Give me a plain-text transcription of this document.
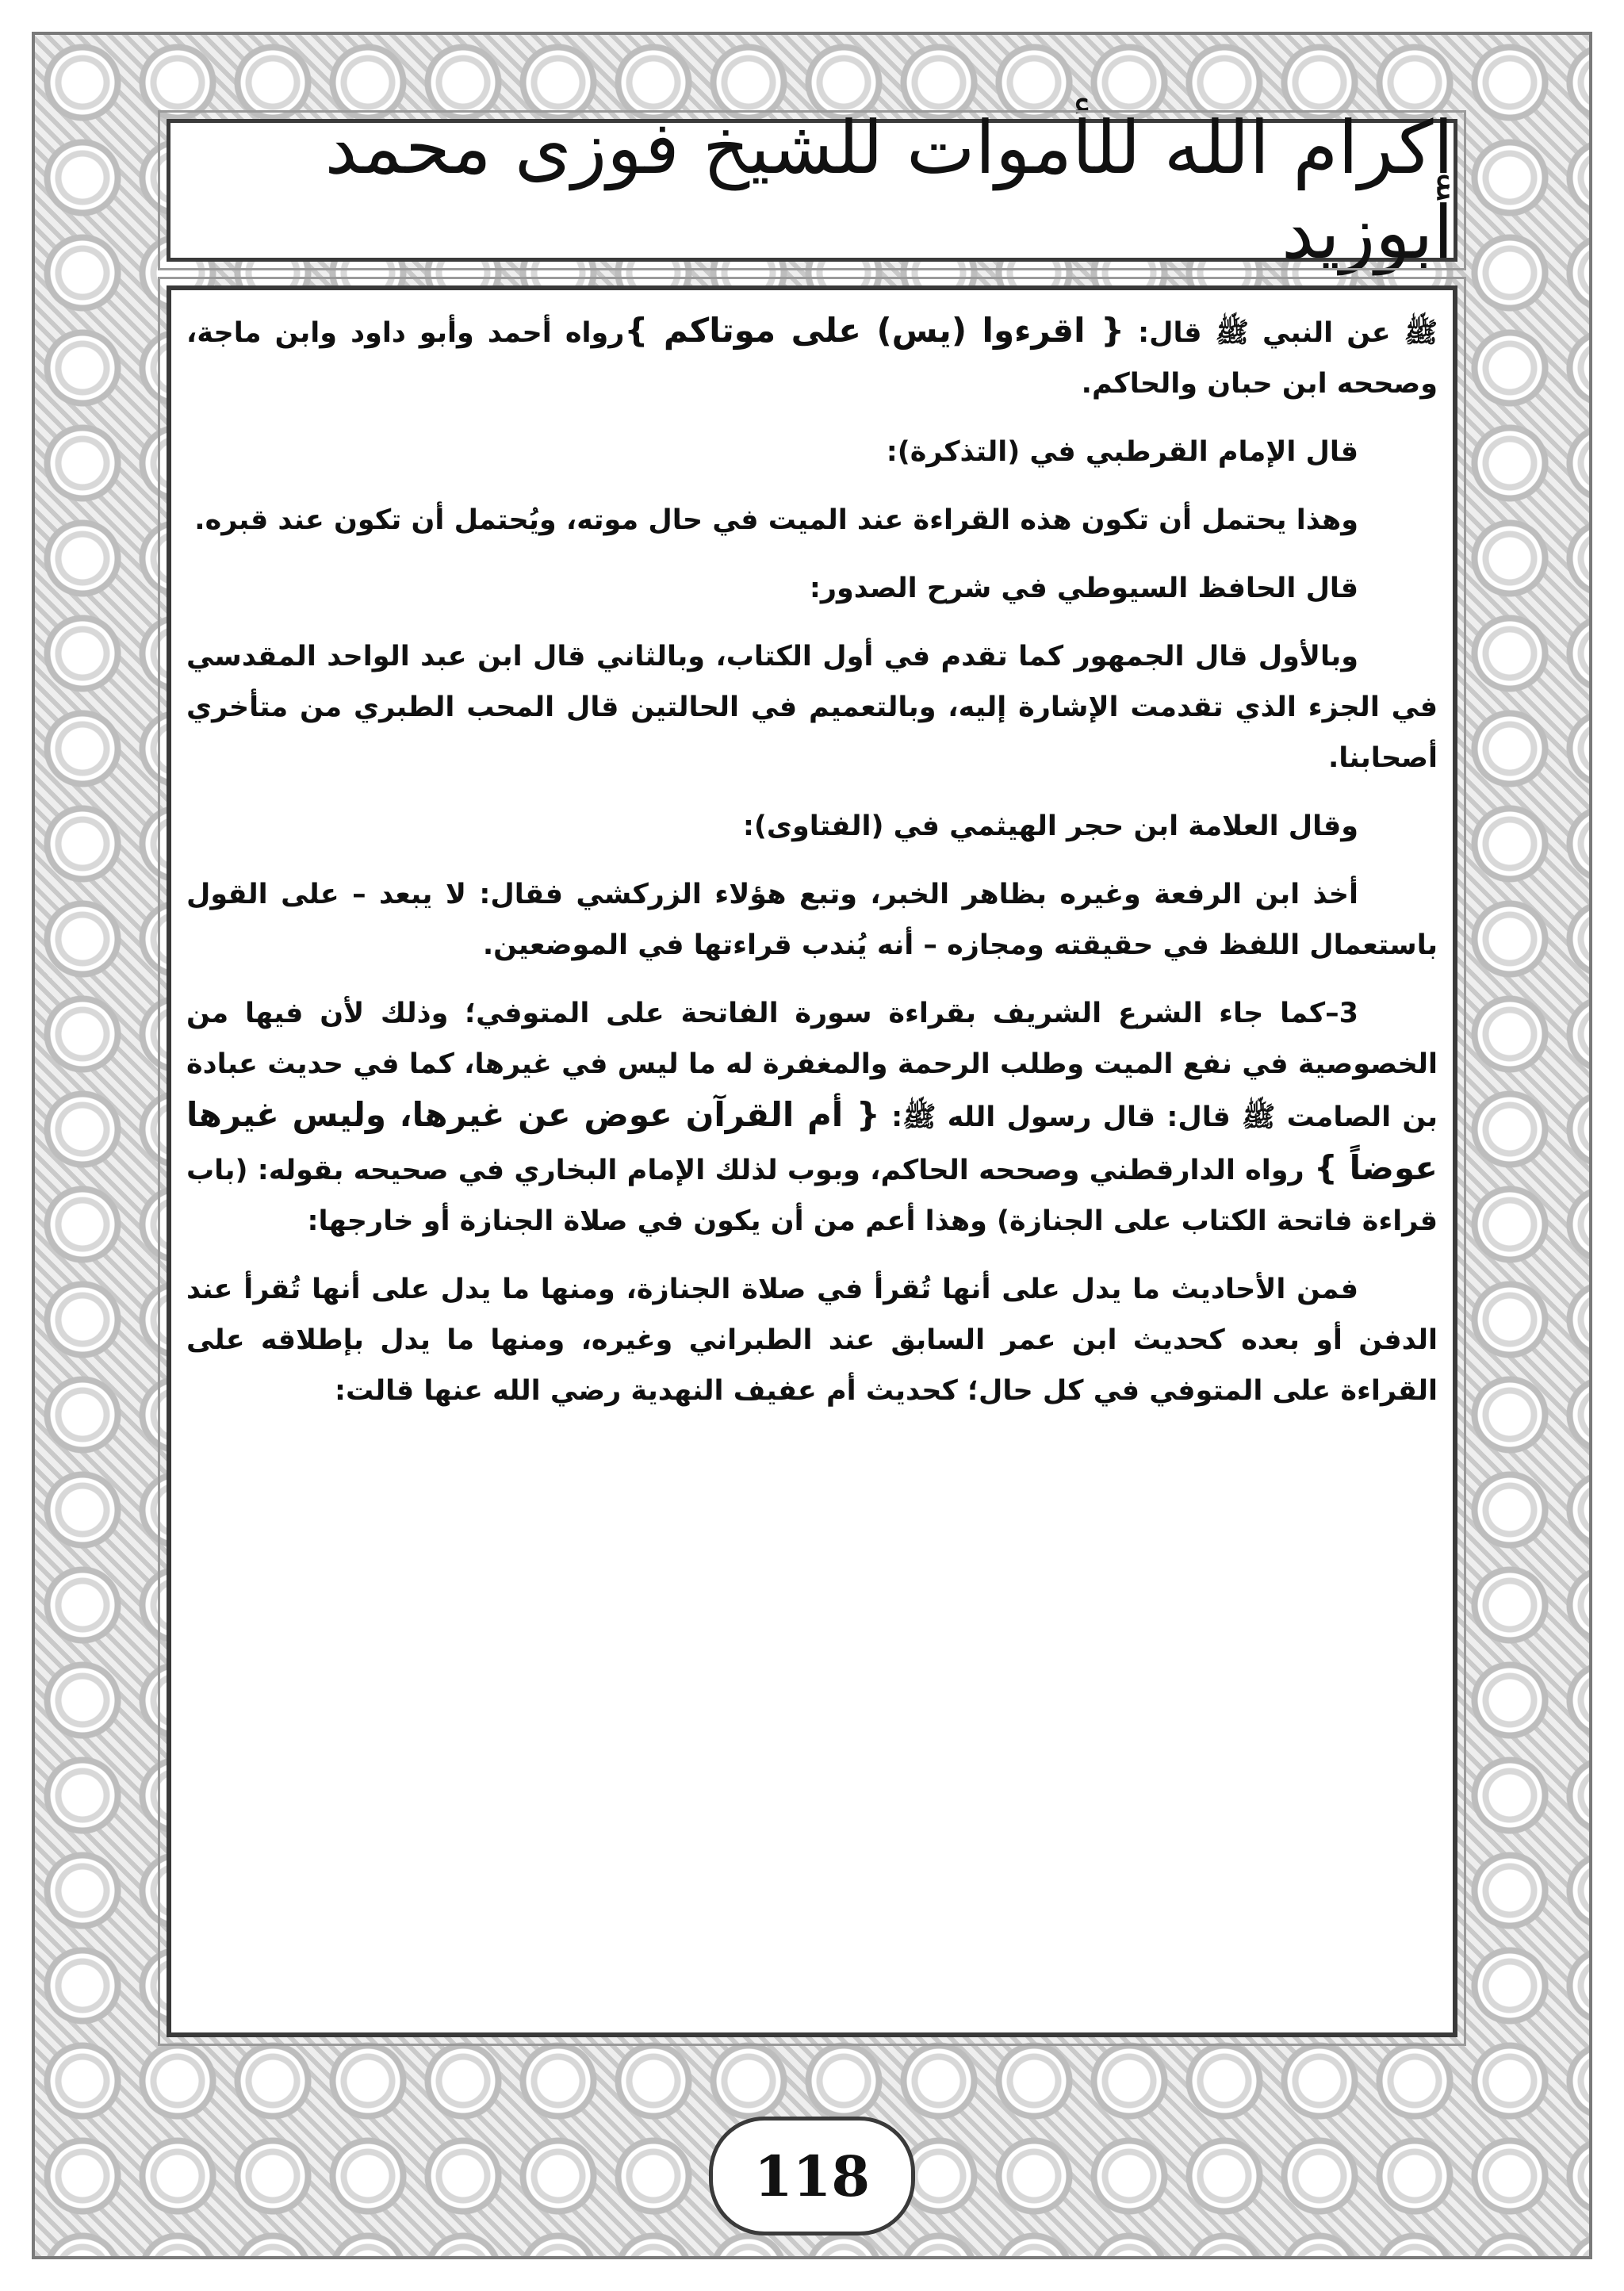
إكرام الله للأموات للشيخ فوزى محمد أبوزيد

ﷺ عن النبي ﷺ قال: { اقرءوا (يس) على موتاكم }رواه أحمد وأبو داود وابن ماجة، وصححه ابن حبان والحاكم.

قال الإمام القرطبي في (التذكرة):

وهذا يحتمل أن تكون هذه القراءة عند الميت في حال موته، ويُحتمل أن تكون عند قبره.

قال الحافظ السيوطي في شرح الصدور:

وبالأول قال الجمهور كما تقدم في أول الكتاب، وبالثاني قال ابن عبد الواحد المقدسي في الجزء الذي تقدمت الإشارة إليه، وبالتعميم في الحالتين قال المحب الطبري من متأخري أصحابنا.

وقال العلامة ابن حجر الهيثمي في (الفتاوى):

أخذ ابن الرفعة وغيره بظاهر الخبر، وتبع هؤلاء الزركشي فقال: لا يبعد – على القول باستعمال اللفظ في حقيقته ومجازه – أنه يُندب قراءتها في الموضعين.

3–كما جاء الشرع الشريف بقراءة سورة الفاتحة على المتوفي؛ وذلك لأن فيها من الخصوصية في نفع الميت وطلب الرحمة والمغفرة له ما ليس في غيرها، كما في حديث عبادة بن الصامت ﷺ قال: قال رسول الله ﷺ: { أم القرآن عوض عن غيرها، وليس غيرها عوضاً } رواه الدارقطني وصححه الحاكم، وبوب لذلك الإمام البخاري في صحيحه بقوله: (باب قراءة فاتحة الكتاب على الجنازة) وهذا أعم من أن يكون في صلاة الجنازة أو خارجها:

فمن الأحاديث ما يدل على أنها تُقرأ في صلاة الجنازة، ومنها ما يدل على أنها تُقرأ عند الدفن أو بعده كحديث ابن عمر السابق عند الطبراني وغيره، ومنها ما يدل بإطلاقه على القراءة على المتوفي في كل حال؛ كحديث أم عفيف النهدية رضي الله عنها قالت:

118
